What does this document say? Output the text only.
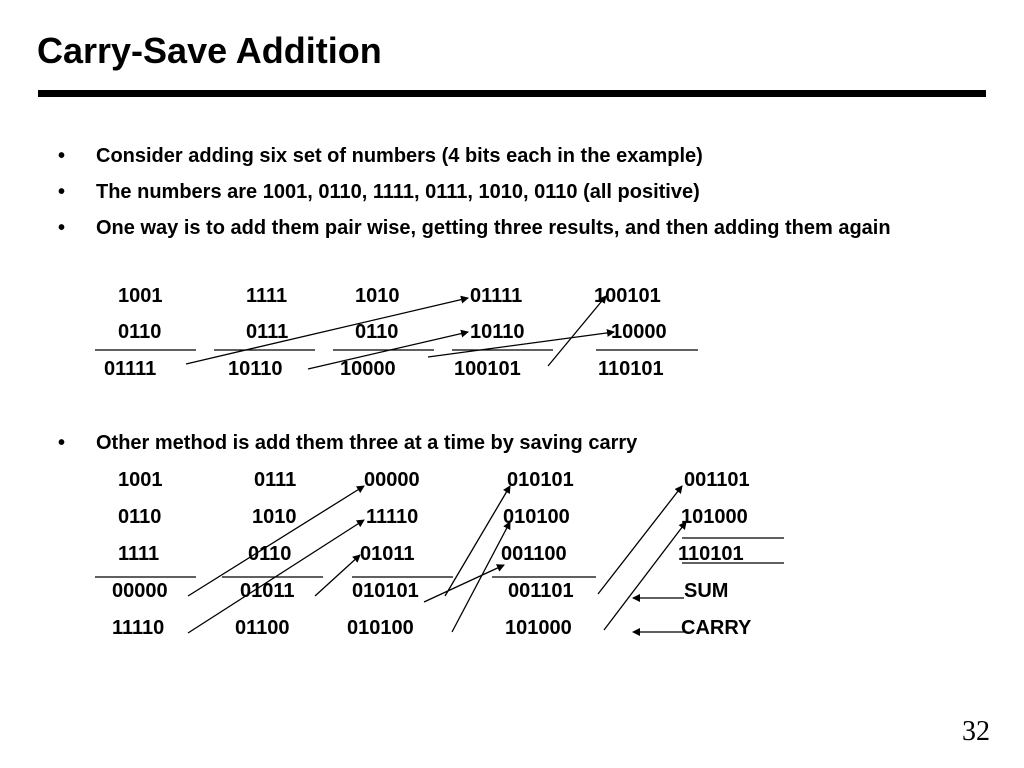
Carry-Save Addition
• Consider adding six set of numbers (4 bits each in the example)
• The numbers are 1001, 0110, 1111, 0111, 1010, 0110 (all positive)
• One way is to add them pair wise, getting three results, and then adding them again
• Other method is add them three at a time by saving carry
1001	1111	1010	01111	100101
0110	0111	0110	10110	10000
01111	10110	10000	100101	110101
1001	0111	00000	010101	001101
0110	1010	11110	010100	101000
1111	0110	01011	001100	110101
00000	01011	010101	001101	SUM
11110	01100	010100	101000	CARRY
32
